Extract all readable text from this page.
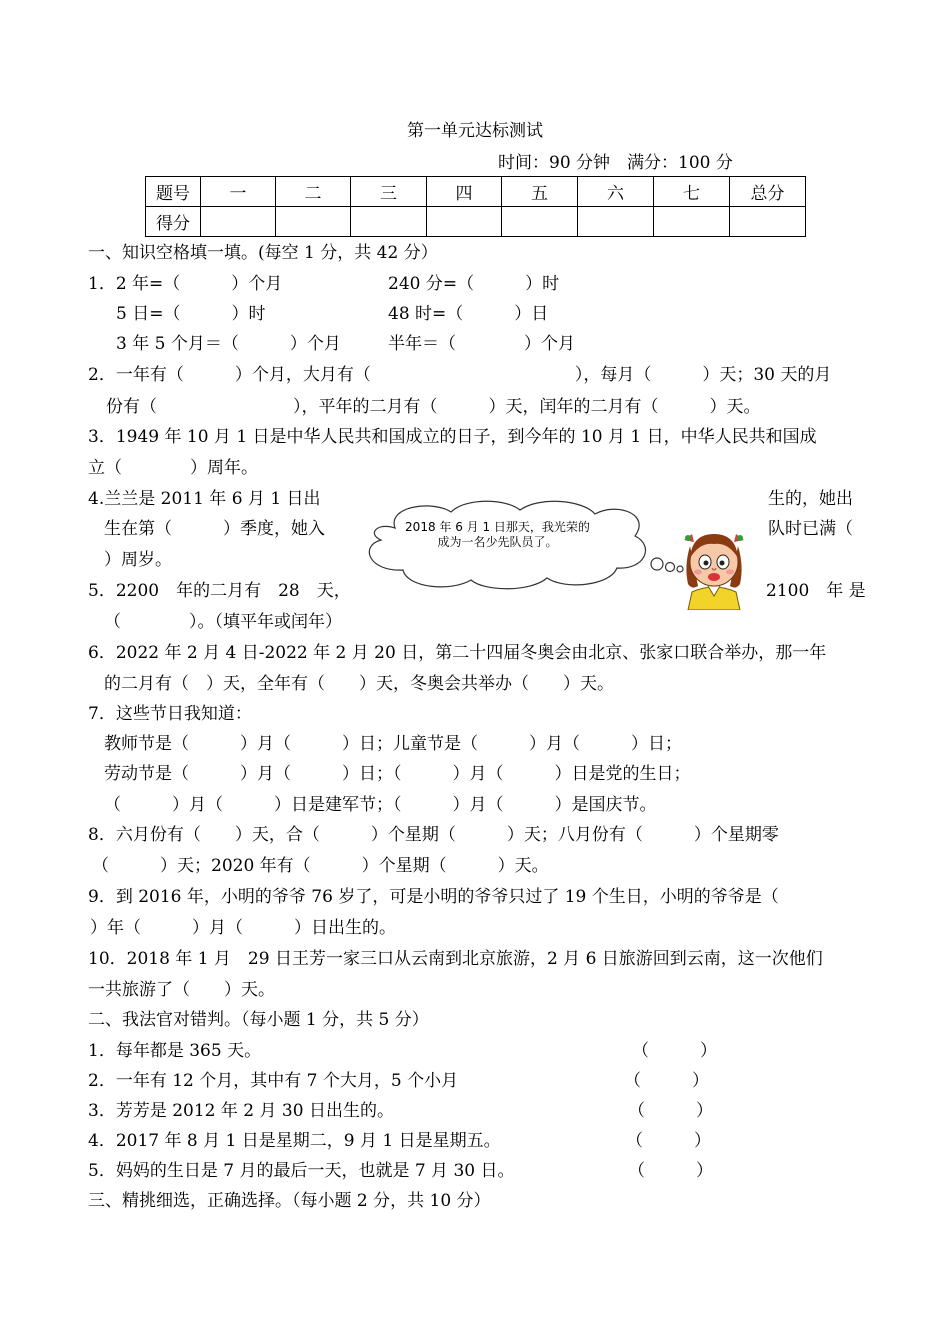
第一单元达标测试
时间：90 分钟　满分：100 分
题号	一	二	三	四	五	六	七	总分
得分								
一、知识空格填一填。(每空 1 分，共 42 分）
1．2 年=（　　　）个月	240 分=（　　　）时
5 日=（　　　）时	48 时=（　　　）日
3 年 5 个月＝（　　　）个月	半年＝（　　　　）个月
2．一年有（　　　）个月，大月有（　　　　　　　　　　　　），每月（　　　）天；30 天的月
份有（　　　　　　　　），平年的二月有（　　　）天，闰年的二月有（　　　）天。
3．1949 年 10 月 1 日是中华人民共和国成立的日子，到今年的 10 月 1 日，中华人民共和国成
立（　　　　）周年。
4.兰兰是 2011 年 6 月 1 日出	生的，她出
生在第（　　　）季度，她入	队时已满（
）周岁。
5．2200　年的二月有　28　天，	2100　年 是
（　　　　）。（填平年或闰年）
2018 年 6 月 1 日那天，我光荣的成为一名少先队员了。
6．2022 年 2 月 4 日-2022 年 2 月 20 日，第二十四届冬奥会由北京、张家口联合举办，那一年
的二月有（　）天，全年有（　　）天，冬奥会共举办（　　）天。
7．这些节日我知道：
教师节是（　　　）月（　　　）日；儿童节是（　　　）月（　　　）日；
劳动节是（　　　）月（　　　）日；（　　　）月（　　　）日是党的生日；
（　　　）月（　　　）日是建军节；（　　　）月（　　　）是国庆节。
8．六月份有（　　）天，合（　　　）个星期（　　　）天；八月份有（　　　）个星期零
（　　　）天；2020 年有（　　　）个星期（　　　）天。
9．到 2016 年，小明的爷爷 76 岁了，可是小明的爷爷只过了 19 个生日，小明的爷爷是（
）年（　　　）月（　　　）日出生的。
10．2018 年 1 月　29 日王芳一家三口从云南到北京旅游，2 月 6 日旅游回到云南，这一次他们
一共旅游了（　　）天。
二、我法官对错判。（每小题 1 分，共 5 分）
1．每年都是 365 天。	（　　　）
2．一年有 12 个月，其中有 7 个大月，5 个小月	（　　　）
3．芳芳是 2012 年 2 月 30 日出生的。	（　　　）
4．2017 年 8 月 1 日是星期二，9 月 1 日是星期五。	（　　　）
5．妈妈的生日是 7 月的最后一天，也就是 7 月 30 日。	（　　　）
三、精挑细选，正确选择。（每小题 2 分，共 10 分）
